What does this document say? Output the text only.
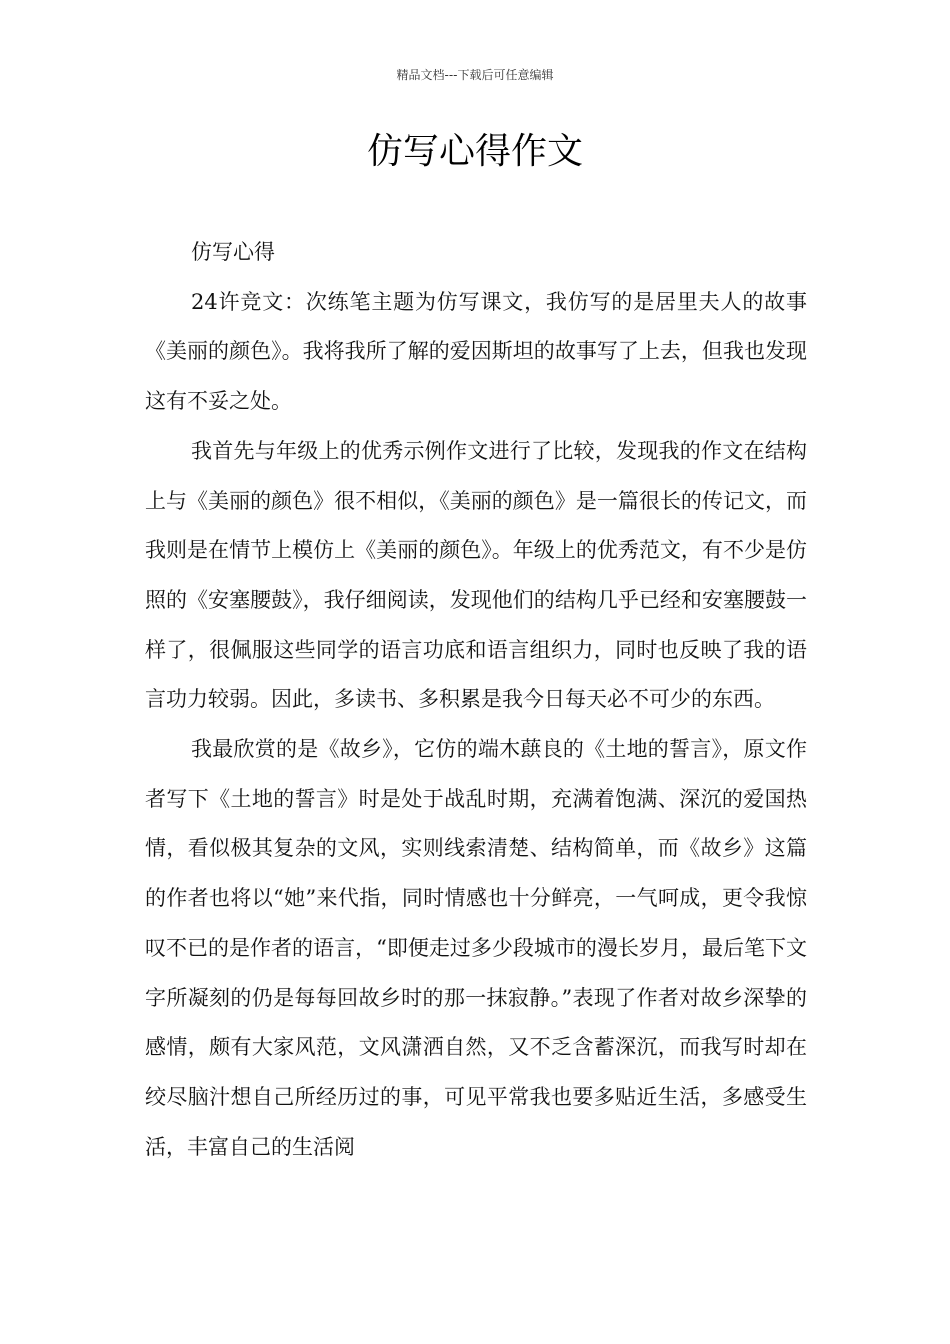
精品文档---下载后可任意编辑
仿写心得作文

仿写心得

24许竞文：次练笔主题为仿写课文，我仿写的是居里夫人的故事《美丽的颜色》。我将我所了解的爱因斯坦的故事写了上去，但我也发现这有不妥之处。

我首先与年级上的优秀示例作文进行了比较，发现我的作文在结构上与《美丽的颜色》很不相似，《美丽的颜色》是一篇很长的传记文，而我则是在情节上模仿上《美丽的颜色》。年级上的优秀范文，有不少是仿照的《安塞腰鼓》，我仔细阅读，发现他们的结构几乎已经和安塞腰鼓一样了，很佩服这些同学的语言功底和语言组织力，同时也反映了我的语言功力较弱。因此，多读书、多积累是我今日每天必不可少的东西。

我最欣赏的是《故乡》，它仿的端木蕻良的《土地的誓言》，原文作者写下《土地的誓言》时是处于战乱时期，充满着饱满、深沉的爱国热情，看似极其复杂的文风，实则线索清楚、结构简单，而《故乡》这篇的作者也将以“她”来代指，同时情感也十分鲜亮，一气呵成，更令我惊叹不已的是作者的语言，“即便走过多少段城市的漫长岁月，最后笔下文字所凝刻的仍是每每回故乡时的那一抹寂静。”表现了作者对故乡深挚的感情，颇有大家风范，文风潇洒自然，又不乏含蓄深沉，而我写时却在绞尽脑汁想自己所经历过的事，可见平常我也要多贴近生活，多感受生活，丰富自己的生活阅
